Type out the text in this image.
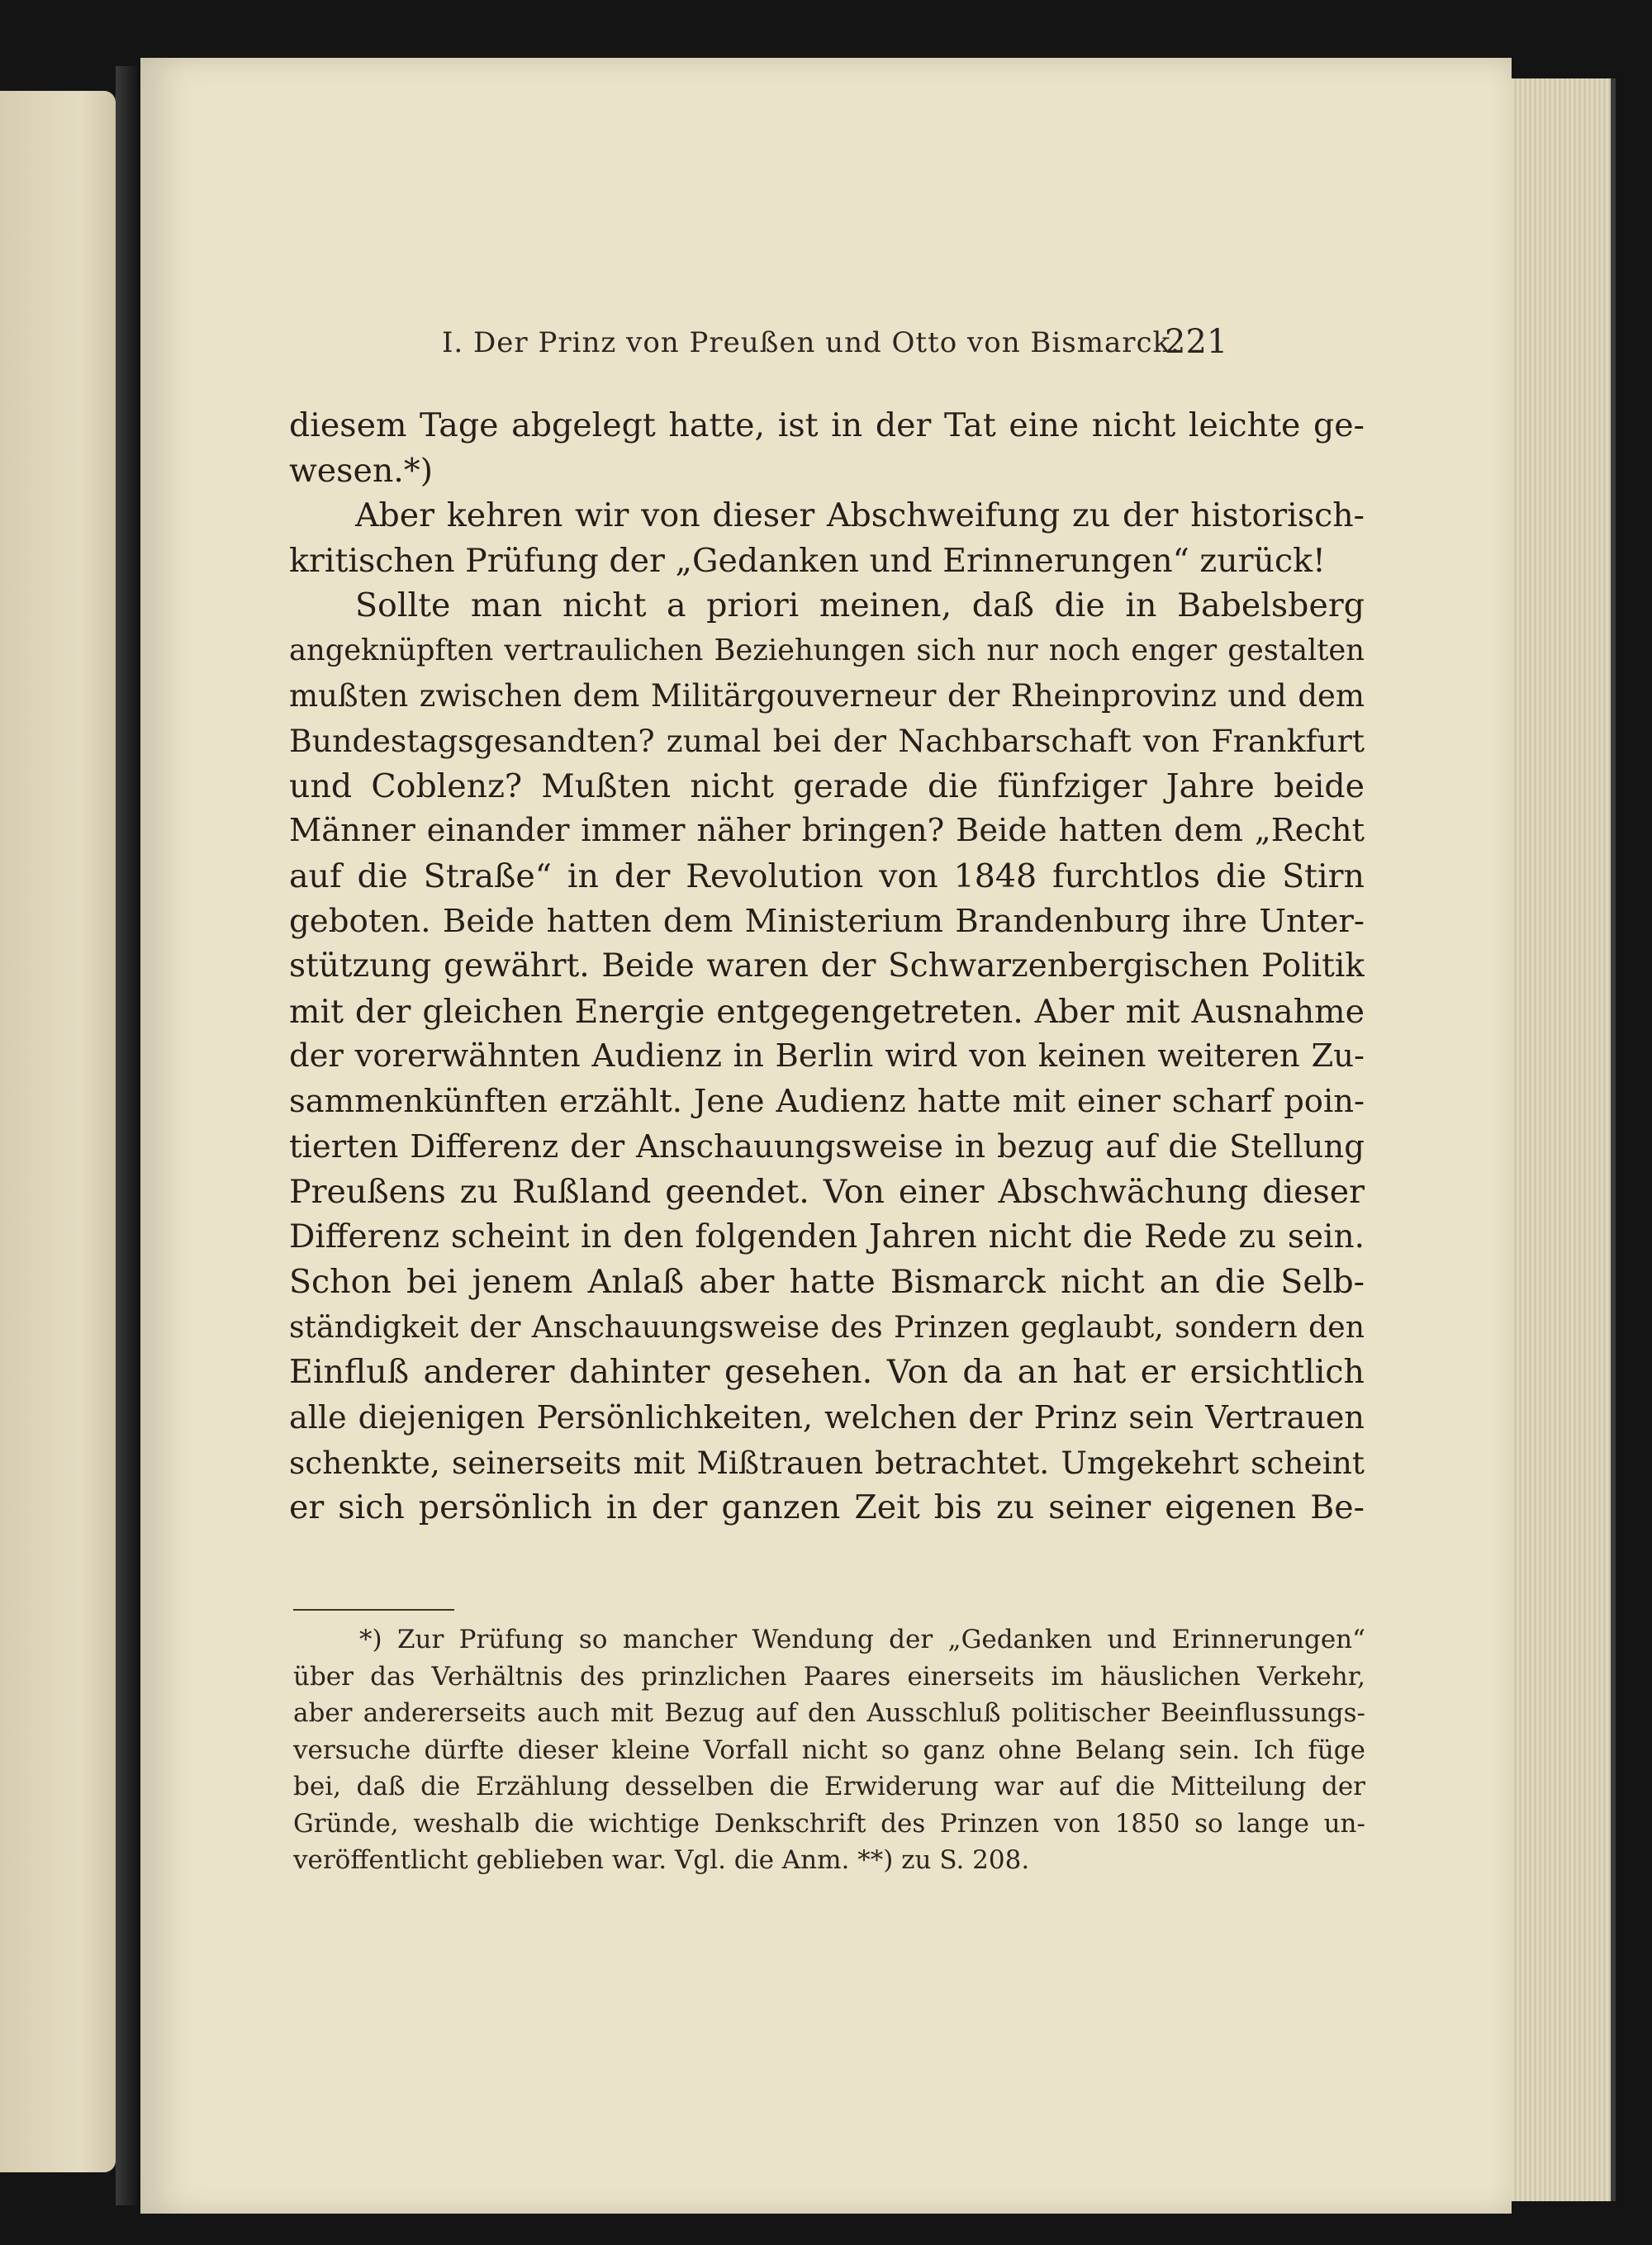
I. Der Prinz von Preußen und Otto von Bismarck.
221
diesem Tage abgelegt hatte, ist in der Tat eine nicht leichte ge-
wesen.*)
Aber kehren wir von dieser Abschweifung zu der historisch-
kritischen Prüfung der „Gedanken und Erinnerungen“ zurück!
Sollte man nicht a priori meinen, daß die in Babelsberg
angeknüpften vertraulichen Beziehungen sich nur noch enger gestalten
mußten zwischen dem Militärgouverneur der Rheinprovinz und dem
Bundestagsgesandten? zumal bei der Nachbarschaft von Frankfurt
und Coblenz? Mußten nicht gerade die fünfziger Jahre beide
Männer einander immer näher bringen? Beide hatten dem „Recht
auf die Straße“ in der Revolution von 1848 furchtlos die Stirn
geboten. Beide hatten dem Ministerium Brandenburg ihre Unter-
stützung gewährt. Beide waren der Schwarzenbergischen Politik
mit der gleichen Energie entgegengetreten. Aber mit Ausnahme
der vorerwähnten Audienz in Berlin wird von keinen weiteren Zu-
sammenkünften erzählt. Jene Audienz hatte mit einer scharf poin-
tierten Differenz der Anschauungsweise in bezug auf die Stellung
Preußens zu Rußland geendet. Von einer Abschwächung dieser
Differenz scheint in den folgenden Jahren nicht die Rede zu sein.
Schon bei jenem Anlaß aber hatte Bismarck nicht an die Selb-
ständigkeit der Anschauungsweise des Prinzen geglaubt, sondern den
Einfluß anderer dahinter gesehen. Von da an hat er ersichtlich
alle diejenigen Persönlichkeiten, welchen der Prinz sein Vertrauen
schenkte, seinerseits mit Mißtrauen betrachtet. Umgekehrt scheint
er sich persönlich in der ganzen Zeit bis zu seiner eigenen Be-
*) Zur Prüfung so mancher Wendung der „Gedanken und Erinnerungen“
über das Verhältnis des prinzlichen Paares einerseits im häuslichen Verkehr,
aber andererseits auch mit Bezug auf den Ausschluß politischer Beeinflussungs-
versuche dürfte dieser kleine Vorfall nicht so ganz ohne Belang sein. Ich füge
bei, daß die Erzählung desselben die Erwiderung war auf die Mitteilung der
Gründe, weshalb die wichtige Denkschrift des Prinzen von 1850 so lange un-
veröffentlicht geblieben war. Vgl. die Anm. **) zu S. 208.
